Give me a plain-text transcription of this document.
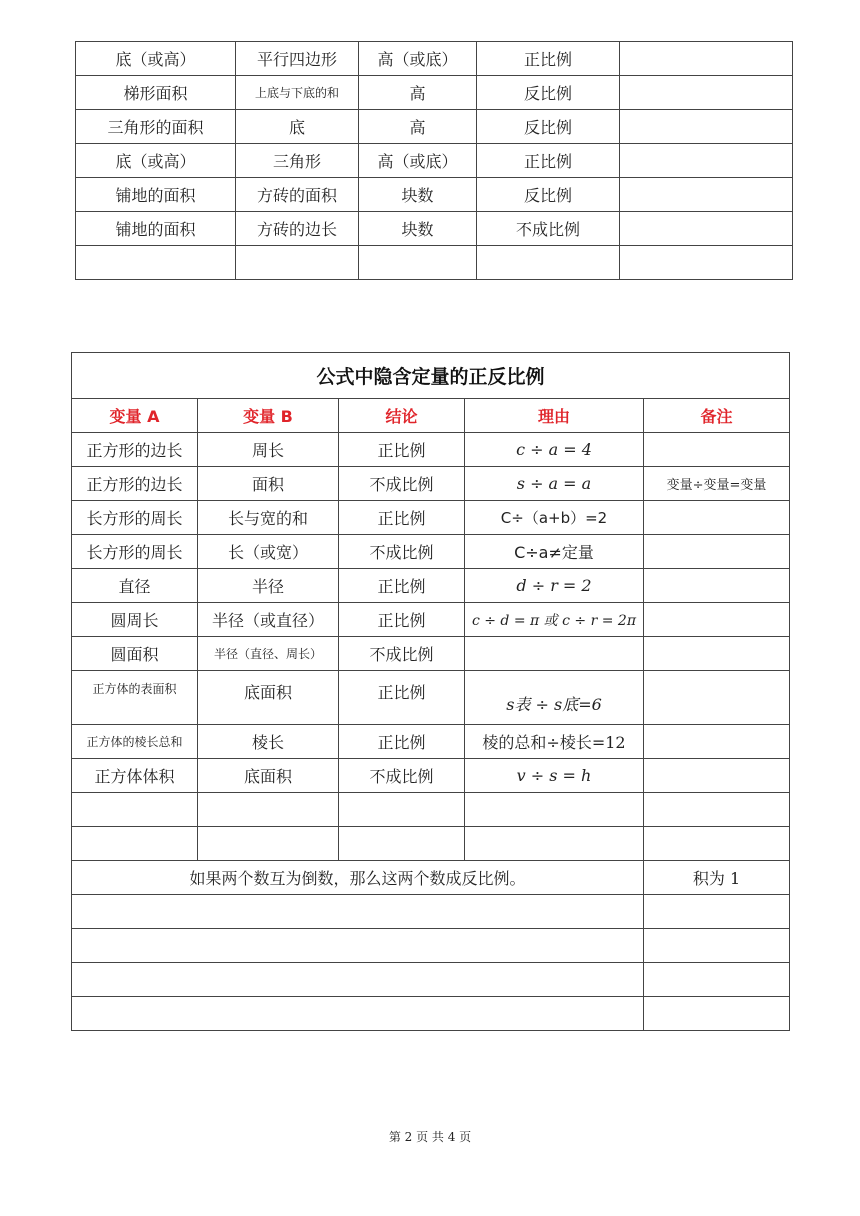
底（或高）	平行四边形	高（或底）	正比例	
梯形面积	上底与下底的和	高	反比例	
三角形的面积	底	高	反比例	
底（或高）	三角形	高（或底）	正比例	
铺地的面积	方砖的面积	块数	反比例	
铺地的面积	方砖的边长	块数	不成比例	

公式中隐含定量的正反比例				
变量 A	变量 B	结论	理由	备注
正方形的边长	周长	正比例	c ÷ a = 4	
正方形的边长	面积	不成比例	s ÷ a = a	变量÷变量=变量
长方形的周长	长与宽的和	正比例	C÷（a+b）=2	
长方形的周长	长（或宽）	不成比例	C÷a≠定量	
直径	半径	正比例	d ÷ r = 2	
圆周长	半径（或直径）	正比例	c ÷ d = π 或 c ÷ r = 2π	
圆面积	半径（直径、周长）	不成比例		
正方体的表面积	底面积	正比例	s表 ÷ s底=6	
正方体的棱长总和	棱长	正比例	棱的总和÷棱长=12	
正方体体积	底面积	不成比例	v ÷ s = h	

如果两个数互为倒数，那么这两个数成反比例。				积为 1

第 2 页 共 4 页
